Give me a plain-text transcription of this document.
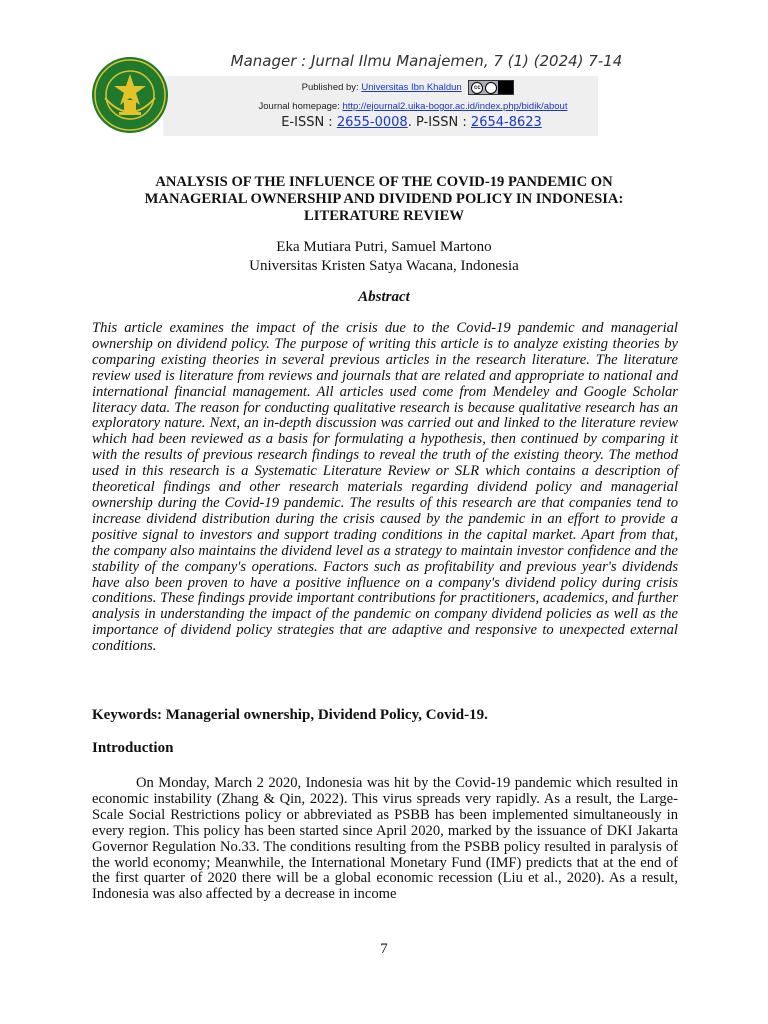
Manager : Jurnal Ilmu Manajemen, 7 (1) (2024) 7-14
Published by: Universitas Ibn Khaldun	cc
Journal homepage: http://ejournal2.uika-bogor.ac.id/index.php/bidik/about
E-ISSN : 2655-0008. P-ISSN : 2654-8623
ANALYSIS OF THE INFLUENCE OF THE COVID-19 PANDEMIC ON MANAGERIAL OWNERSHIP AND DIVIDEND POLICY IN INDONESIA: LITERATURE REVIEW
Eka Mutiara Putri, Samuel Martono
Universitas Kristen Satya Wacana, Indonesia
Abstract
This article examines the impact of the crisis due to the Covid-19 pandemic and managerial ownership on dividend policy. The purpose of writing this article is to analyze existing theories by comparing existing theories in several previous articles in the research literature. The literature review used is literature from reviews and journals that are related and appropriate to national and international financial management. All articles used come from Mendeley and Google Scholar literacy data. The reason for conducting qualitative research is because qualitative research has an exploratory nature. Next, an in-depth discussion was carried out and linked to the literature review which had been reviewed as a basis for formulating a hypothesis, then continued by comparing it with the results of previous research findings to reveal the truth of the existing theory. The method used in this research is a Systematic Literature Review or SLR which contains a description of theoretical findings and other research materials regarding dividend policy and managerial ownership during the Covid-19 pandemic. The results of this research are that companies tend to increase dividend distribution during the crisis caused by the pandemic in an effort to provide a positive signal to investors and support trading conditions in the capital market. Apart from that, the company also maintains the dividend level as a strategy to maintain investor confidence and the stability of the company's operations. Factors such as profitability and previous year's dividends have also been proven to have a positive influence on a company's dividend policy during crisis conditions. These findings provide important contributions for practitioners, academics, and further analysis in understanding the impact of the pandemic on company dividend policies as well as the importance of dividend policy strategies that are adaptive and responsive to unexpected external conditions.
Keywords: Managerial ownership, Dividend Policy, Covid-19.
Introduction

On Monday, March 2 2020, Indonesia was hit by the Covid-19 pandemic which resulted in economic instability (Zhang & Qin, 2022). This virus spreads very rapidly. As a result, the Large-Scale Social Restrictions policy or abbreviated as PSBB has been implemented simultaneously in every region. This policy has been started since April 2020, marked by the issuance of DKI Jakarta Governor Regulation No.33. The conditions resulting from the PSBB policy resulted in paralysis of the world economy; Meanwhile, the International Monetary Fund (IMF) predicts that at the end of the first quarter of 2020 there will be a global economic recession (Liu et al., 2020). As a result, Indonesia was also affected by a decrease in income

7
